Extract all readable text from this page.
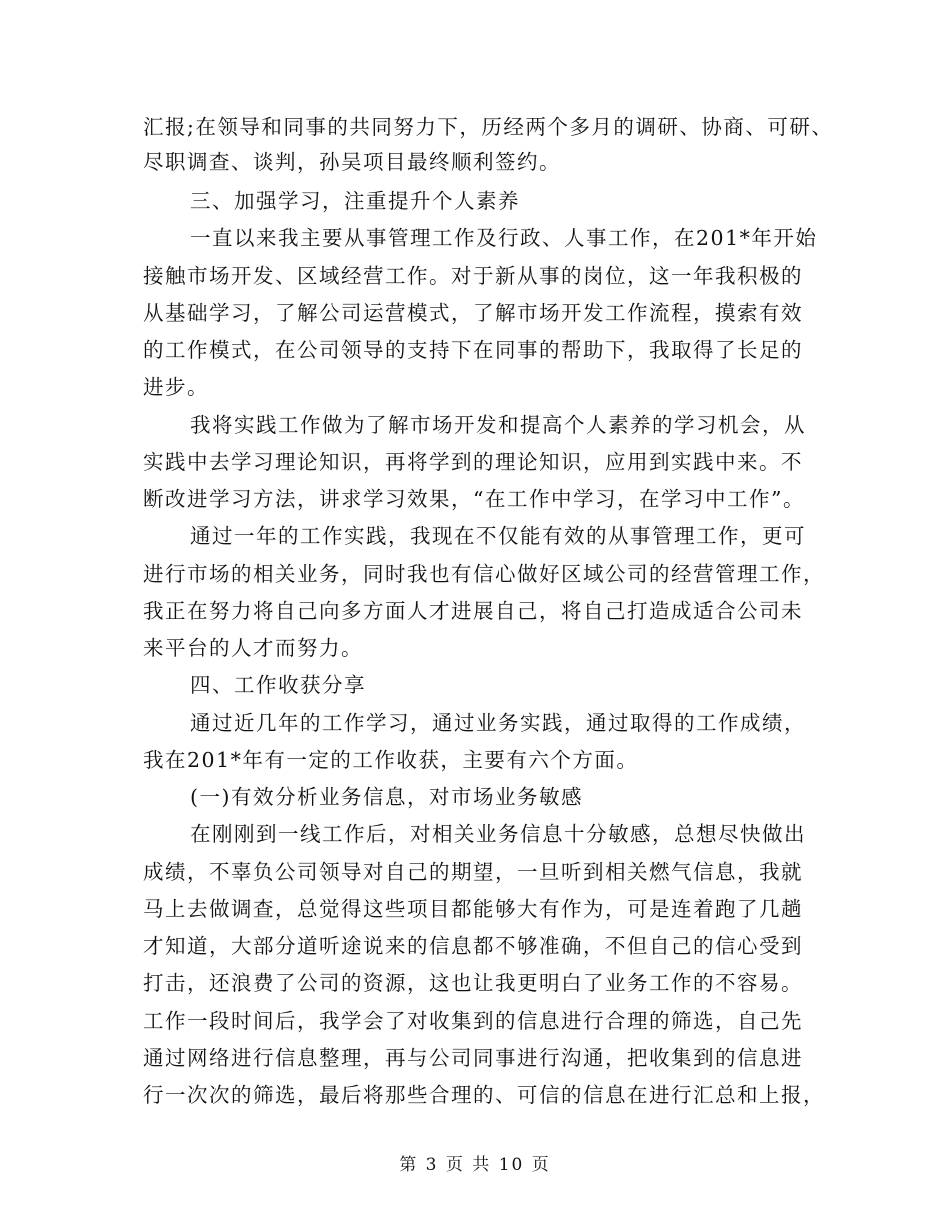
汇报;在领导和同事的共同努力下，历经两个多月的调研、协商、可研、
尽职调查、谈判，孙吴项目最终顺利签约。
三、加强学习，注重提升个人素养
一直以来我主要从事管理工作及行政、人事工作，在201*年开始
接触市场开发、区域经营工作。对于新从事的岗位，这一年我积极的
从基础学习，了解公司运营模式，了解市场开发工作流程，摸索有效
的工作模式，在公司领导的支持下在同事的帮助下，我取得了长足的
进步。
我将实践工作做为了解市场开发和提高个人素养的学习机会，从
实践中去学习理论知识，再将学到的理论知识，应用到实践中来。不
断改进学习方法，讲求学习效果，“在工作中学习，在学习中工作”。
通过一年的工作实践，我现在不仅能有效的从事管理工作，更可
进行市场的相关业务，同时我也有信心做好区域公司的经营管理工作，
我正在努力将自己向多方面人才进展自己，将自己打造成适合公司未
来平台的人才而努力。
四、工作收获分享
通过近几年的工作学习，通过业务实践，通过取得的工作成绩，
我在201*年有一定的工作收获，主要有六个方面。
(一)有效分析业务信息，对市场业务敏感
在刚刚到一线工作后，对相关业务信息十分敏感，总想尽快做出
成绩，不辜负公司领导对自己的期望，一旦听到相关燃气信息，我就
马上去做调查，总觉得这些项目都能够大有作为，可是连着跑了几趟
才知道，大部分道听途说来的信息都不够准确，不但自己的信心受到
打击，还浪费了公司的资源，这也让我更明白了业务工作的不容易。
工作一段时间后，我学会了对收集到的信息进行合理的筛选，自己先
通过网络进行信息整理，再与公司同事进行沟通，把收集到的信息进
行一次次的筛选，最后将那些合理的、可信的信息在进行汇总和上报，
第 3 页 共 10 页
